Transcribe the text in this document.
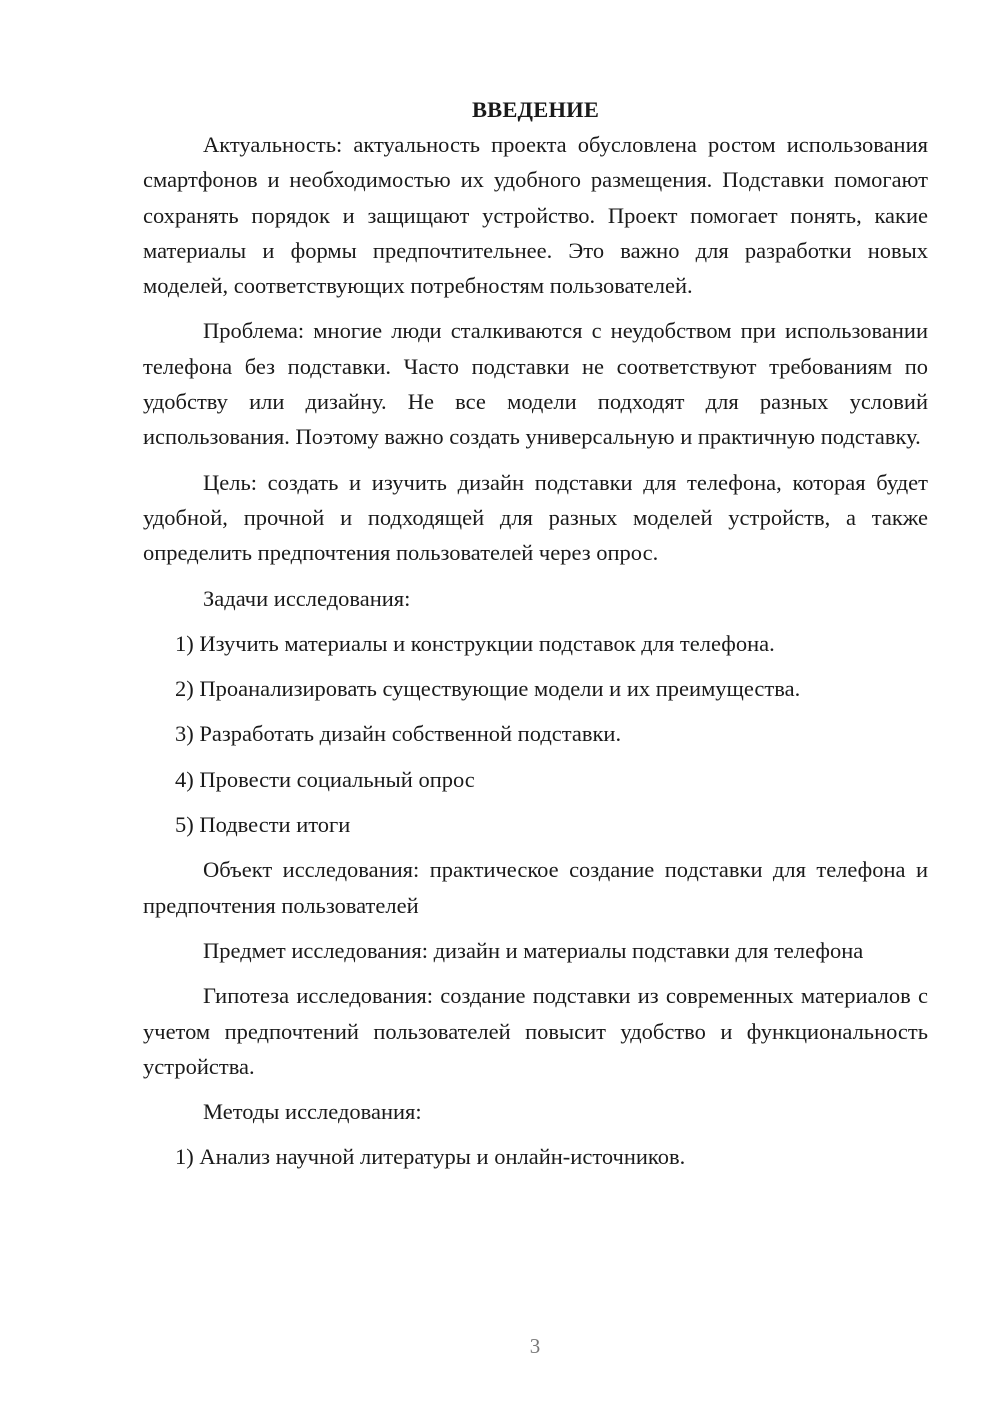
ВВЕДЕНИЕ

Актуальность: актуальность проекта обусловлена ростом использования смартфонов и необходимостью их удобного размещения. Подставки помогают сохранять порядок и защищают устройство. Проект помогает понять, какие материалы и формы предпочтительнее. Это важно для разработки новых моделей, соответствующих потребностям пользователей.

Проблема: многие люди сталкиваются с неудобством при использовании телефона без подставки. Часто подставки не соответствуют требованиям по удобству или дизайну. Не все модели подходят для разных условий использования. Поэтому важно создать универсальную и практичную подставку.

Цель: создать и изучить дизайн подставки для телефона, которая будет удобной, прочной и подходящей для разных моделей устройств, а также определить предпочтения пользователей через опрос.

Задачи исследования:

1) Изучить материалы и конструкции подставок для телефона.

2) Проанализировать существующие модели и их преимущества.

3) Разработать дизайн собственной подставки.

4) Провести социальный опрос

5) Подвести итоги

Объект исследования: практическое создание подставки для телефона и предпочтения пользователей

Предмет исследования: дизайн и материалы подставки для телефона

Гипотеза исследования: создание подставки из современных материалов с учетом предпочтений пользователей повысит удобство и функциональность устройства.

Методы исследования:

1) Анализ научной литературы и онлайн-источников.

3
